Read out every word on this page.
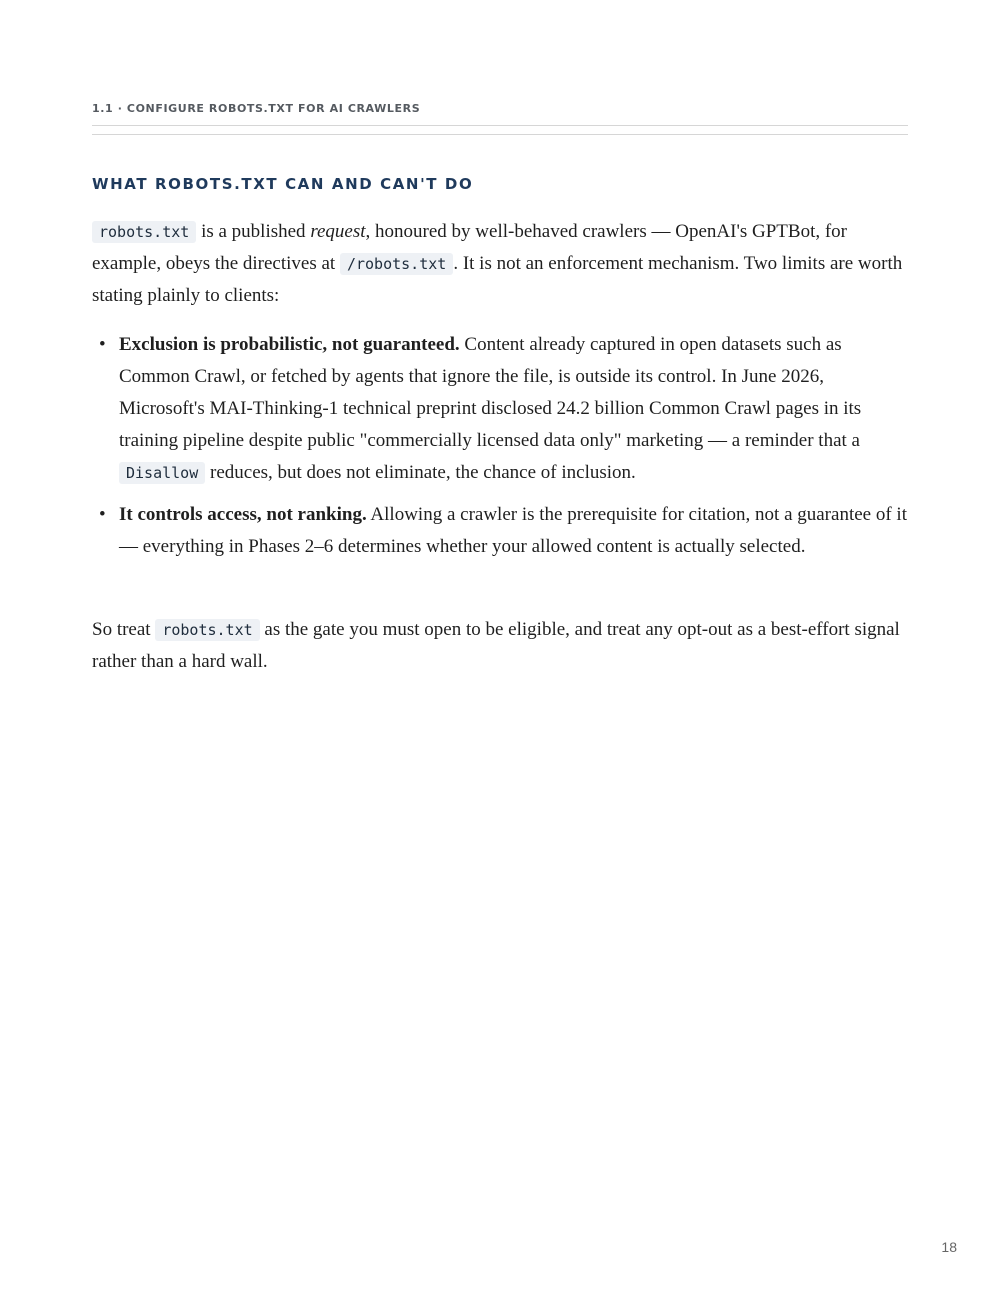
1.1 · CONFIGURE ROBOTS.TXT FOR AI CRAWLERS
WHAT ROBOTS.TXT CAN AND CAN'T DO

robots.txt is a published request, honoured by well-behaved crawlers — OpenAI's GPTBot, for example, obeys the directives at /robots.txt . It is not an enforcement mechanism. Two limits are worth stating plainly to clients:

• Exclusion is probabilistic, not guaranteed. Content already captured in open datasets such as Common Crawl, or fetched by agents that ignore the file, is outside its control. In June 2026, Microsoft's MAI-Thinking-1 technical preprint disclosed 24.2 billion Common Crawl pages in its training pipeline despite public "commercially licensed data only" marketing — a reminder that a Disallow reduces, but does not eliminate, the chance of inclusion.
• It controls access, not ranking. Allowing a crawler is the prerequisite for citation, not a guarantee of it — everything in Phases 2–6 determines whether your allowed content is actually selected.

So treat robots.txt as the gate you must open to be eligible, and treat any opt-out as a best-effort signal rather than a hard wall.

18
